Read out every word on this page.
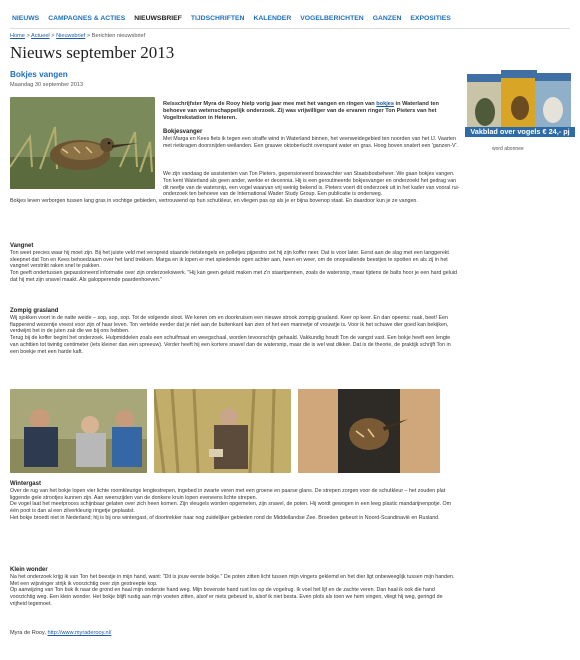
NIEUWS CAMPAGNES & ACTIES NIEUWSBRIEF TIJDSCHRIFTEN KALENDER VOGELBERICHTEN GANZEN EXPOSITIES
Home > Actueel > Nieuwsbrief > Berichten nieuwsbrief
Nieuws september 2013
Bokjes vangen
Maandag 30 september 2013
Reisschrijfster Myra de Rooy hielp vorig jaar mee met het vangen en ringen van bokjes in Waterland ten behoeve van wetenschappelijk onderzoek. Zij was vrijwilliger van de ervaren ringer Ton Pieters van het Vogeltrekstation in Heteren.
Vakblad over vogels € 24,- pj
word abonnee
Bokjesvanger
Met Marga en Kees fiets ik tegen een straffe wind in Waterland binnen, het veenweidegebied ten noorden van het IJ. Vaarten met rietkragen doorsnijden weilanden. Een grauwe oktoberlucht overspant water en gras. Hoog boven snatert een 'ganzen-V'.
We zijn vandaag de assistenten van Ton Pieters, gepensioneerd boswachter van Staatsbosbeheer. We gaan bokjes vangen. Ton kent Waterland als geen ander, werkte er decennia. Hij is een geroutineerde bokjesvanger en onderzoekt het gedrag van dit neefje van de watersnip, een vogel waarvan vrij weinig bekend is. Pieters voert dit onderzoek uit in het kader van vooral rui-onderzoek ten behoeve van de International Wader Study Group. Een publicatie is onderweg.
Bokjes leven verborgen tussen lang gras in vochtige gebieden, vertrouwend op hun schutkleur, en vliegen pas op als je er bijna bovenop staat. En daardoor kun je ze vangen.
Vangnet
Ton weet precies waar hij moet zijn. Bij het juiste veld met verspreid staande rietstengels en polletjes pijpestro zet hij zijn koffer neer. Dat is voor later. Eerst aan de slag met een langgerekt sleepnet dat Ton en Kees behoedzaam over het land trekken. Marga en ik lopen er met spiedende ogen achter aan, heen en weer, om de onopvallende beestjes te spotten en als zij in het vangnet verstrikt raken snel te pakken.
Ton geeft ondertussen gepassioneerd informatie over zijn onderzoekswerk. "Hij kan geen geluid maken met z'n staartpennen, zoals de watersnip, maar tijdens de balts hoor je een hard geluid dat hij met zijn snavel maakt. Als galopperende paardenhoeven."
Zompig grasland
Wij sjokken voort in de natte weide – sop, sop, sop. Tot de volgende sloot. We keren om en doorkruisen een nieuwe strook zompig grasland. Keer op keer. En dan opeens: raak, beet! Een flapperend wezentje vreest voor zijn of haar leven. Ton vertelde eerder dat je niet aan de buitenkant kan zien of het een mannetje of vrouwtje is. Voor ik het schuwe dier goed kan bekijken, verdwijnt het in de juten zak die we bij ons hebben.
Terug bij de koffer begint het onderzoek. Hulpmiddelen zoals een schuifmaat en weegschaal, worden tevoorschijn gehaald. Vakkundig houdt Ton de vangst vast. Een bokje heeft een lengte van achttien tot twintig centimeter (iets kleiner dan een spreeuw). Verder heeft hij een kortere snavel dan de watersnip, maar die is wel wat dikker. Dat is de theorie, de praktijk schrijft Ton in een boekje met een harde kaft.
Wintergast
Over de rug van het bokje lopen vier lichte roomkleurige lengtestrepen, ingebed in zwarte veren met een groene en paarse glans. De strepen zorgen voor de schutkleur – het zouden plat liggende gele strootjes kunnen zijn. Aan weerszijden van de donkere kruin lopen eveneens lichte strepen.
De vogel laat het meetproces schijnbaar gelaten over zich heen komen. Zijn vleugels worden opgemeten, zijn snavel, de poten. Hij wordt gewogen in een leeg plastic mandarijnenpotje. Om één poot is dan al een zilverkleurig ringetje geplaatst.
Het bokje broedt niet in Nederland; hij is bij ons wintergast, of doortrekker naar nog zuidelijker gebieden rond de Middellandse Zee. Broeden gebeurt in Noord-Scandinavië en Rusland.
Klein wonder
Na het onderzoek krijg ik van Ton het beestje in mijn hand, want: "Dit is jouw eerste bokje." De poten zitten licht tussen mijn vingers geklemd en het dier ligt onbeweeglijk tussen mijn handen. Met een wijsvinger strijk ik voorzichtig over zijn gestreepte kop.
Op aanwijzing van Ton buk ik naar de grond en haal mijn onderste hand weg. Mijn bovenste hand rust los op de vogelrug. Ik voel het lijf en de zachte veren. Dan haal ik ook die hand voorzichtig weg. Een klein wonder. Het bokje blijft rustig aan mijn voeten zitten, alsof er niets gebeurd is, alsof ik niet besta. Even plots als toen we hem vingen, vliegt hij weg, geringd de vrijheid tegemoet.
Myra de Rooy, http://www.myraderooy.nl/
